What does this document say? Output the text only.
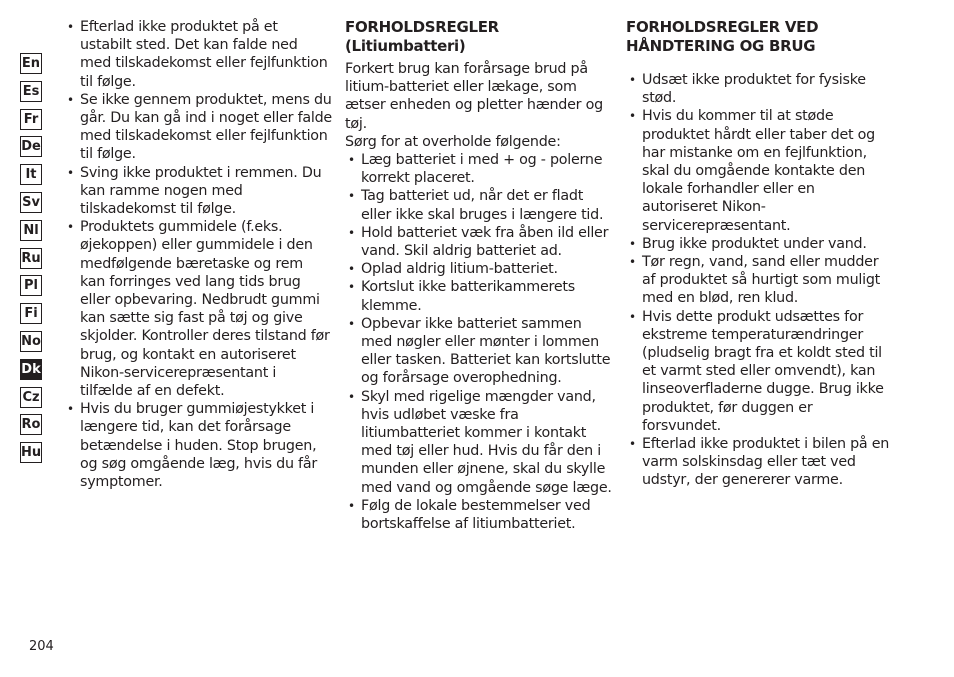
En
Es
Fr
De
It
Sv
Nl
Ru
Pl
Fi
No
Dk
Cz
Ro
Hu
• Efterlad ikke produktet på et ustabilt sted. Det kan falde ned med tilskadekomst eller fejlfunktion til følge.
• Se ikke gennem produktet, mens du går. Du kan gå ind i noget eller falde med tilskadekomst eller fejlfunktion til følge.
• Sving ikke produktet i remmen. Du kan ramme nogen med tilskadekomst til følge.
• Produktets gummidele (f.eks. øjekoppen) eller gummidele i den medfølgende bæretaske og rem kan forringes ved lang tids brug eller opbevaring. Nedbrudt gummi kan sætte sig fast på tøj og give skjolder. Kontroller deres tilstand før brug, og kontakt en autoriseret Nikon-servicerepræsentant i tilfælde af en defekt.
• Hvis du bruger gummiøjestykket i længere tid, kan det forårsage betændelse i huden. Stop brugen, og søg omgående læg, hvis du får symptomer.
FORHOLDSREGLER (Litiumbatteri)

Forkert brug kan forårsage brud på litium-batteriet eller lækage, som ætser enheden og pletter hænder og tøj.

Sørg for at overholde følgende:

• Læg batteriet i med + og - polerne korrekt placeret.
• Tag batteriet ud, når det er fladt eller ikke skal bruges i længere tid.
• Hold batteriet væk fra åben ild eller vand. Skil aldrig batteriet ad.
• Oplad aldrig litium-batteriet.
• Kortslut ikke batterikammerets klemme.
• Opbevar ikke batteriet sammen med nøgler eller mønter i lommen eller tasken. Batteriet kan kortslutte og forårsage overophedning.
• Skyl med rigelige mængder vand, hvis udløbet væske fra litiumbatteriet kommer i kontakt med tøj eller hud. Hvis du får den i munden eller øjnene, skal du skylle med vand og omgående søge læge.
• Følg de lokale bestemmelser ved bortskaffelse af litiumbatteriet.
FORHOLDSREGLER VED HÅNDTERING OG BRUG
• Udsæt ikke produktet for fysiske stød.
• Hvis du kommer til at støde produktet hårdt eller taber det og har mistanke om en fejlfunktion, skal du omgående kontakte den lokale forhandler eller en autoriseret Nikon-servicerepræsentant.
• Brug ikke produktet under vand.
• Tør regn, vand, sand eller mudder af produktet så hurtigt som muligt med en blød, ren klud.
• Hvis dette produkt udsættes for ekstreme temperaturændringer (pludselig bragt fra et koldt sted til et varmt sted eller omvendt), kan linseoverfladerne dugge. Brug ikke produktet, før duggen er forsvundet.
• Efterlad ikke produktet i bilen på en varm solskinsdag eller tæt ved udstyr, der genererer varme.
204
